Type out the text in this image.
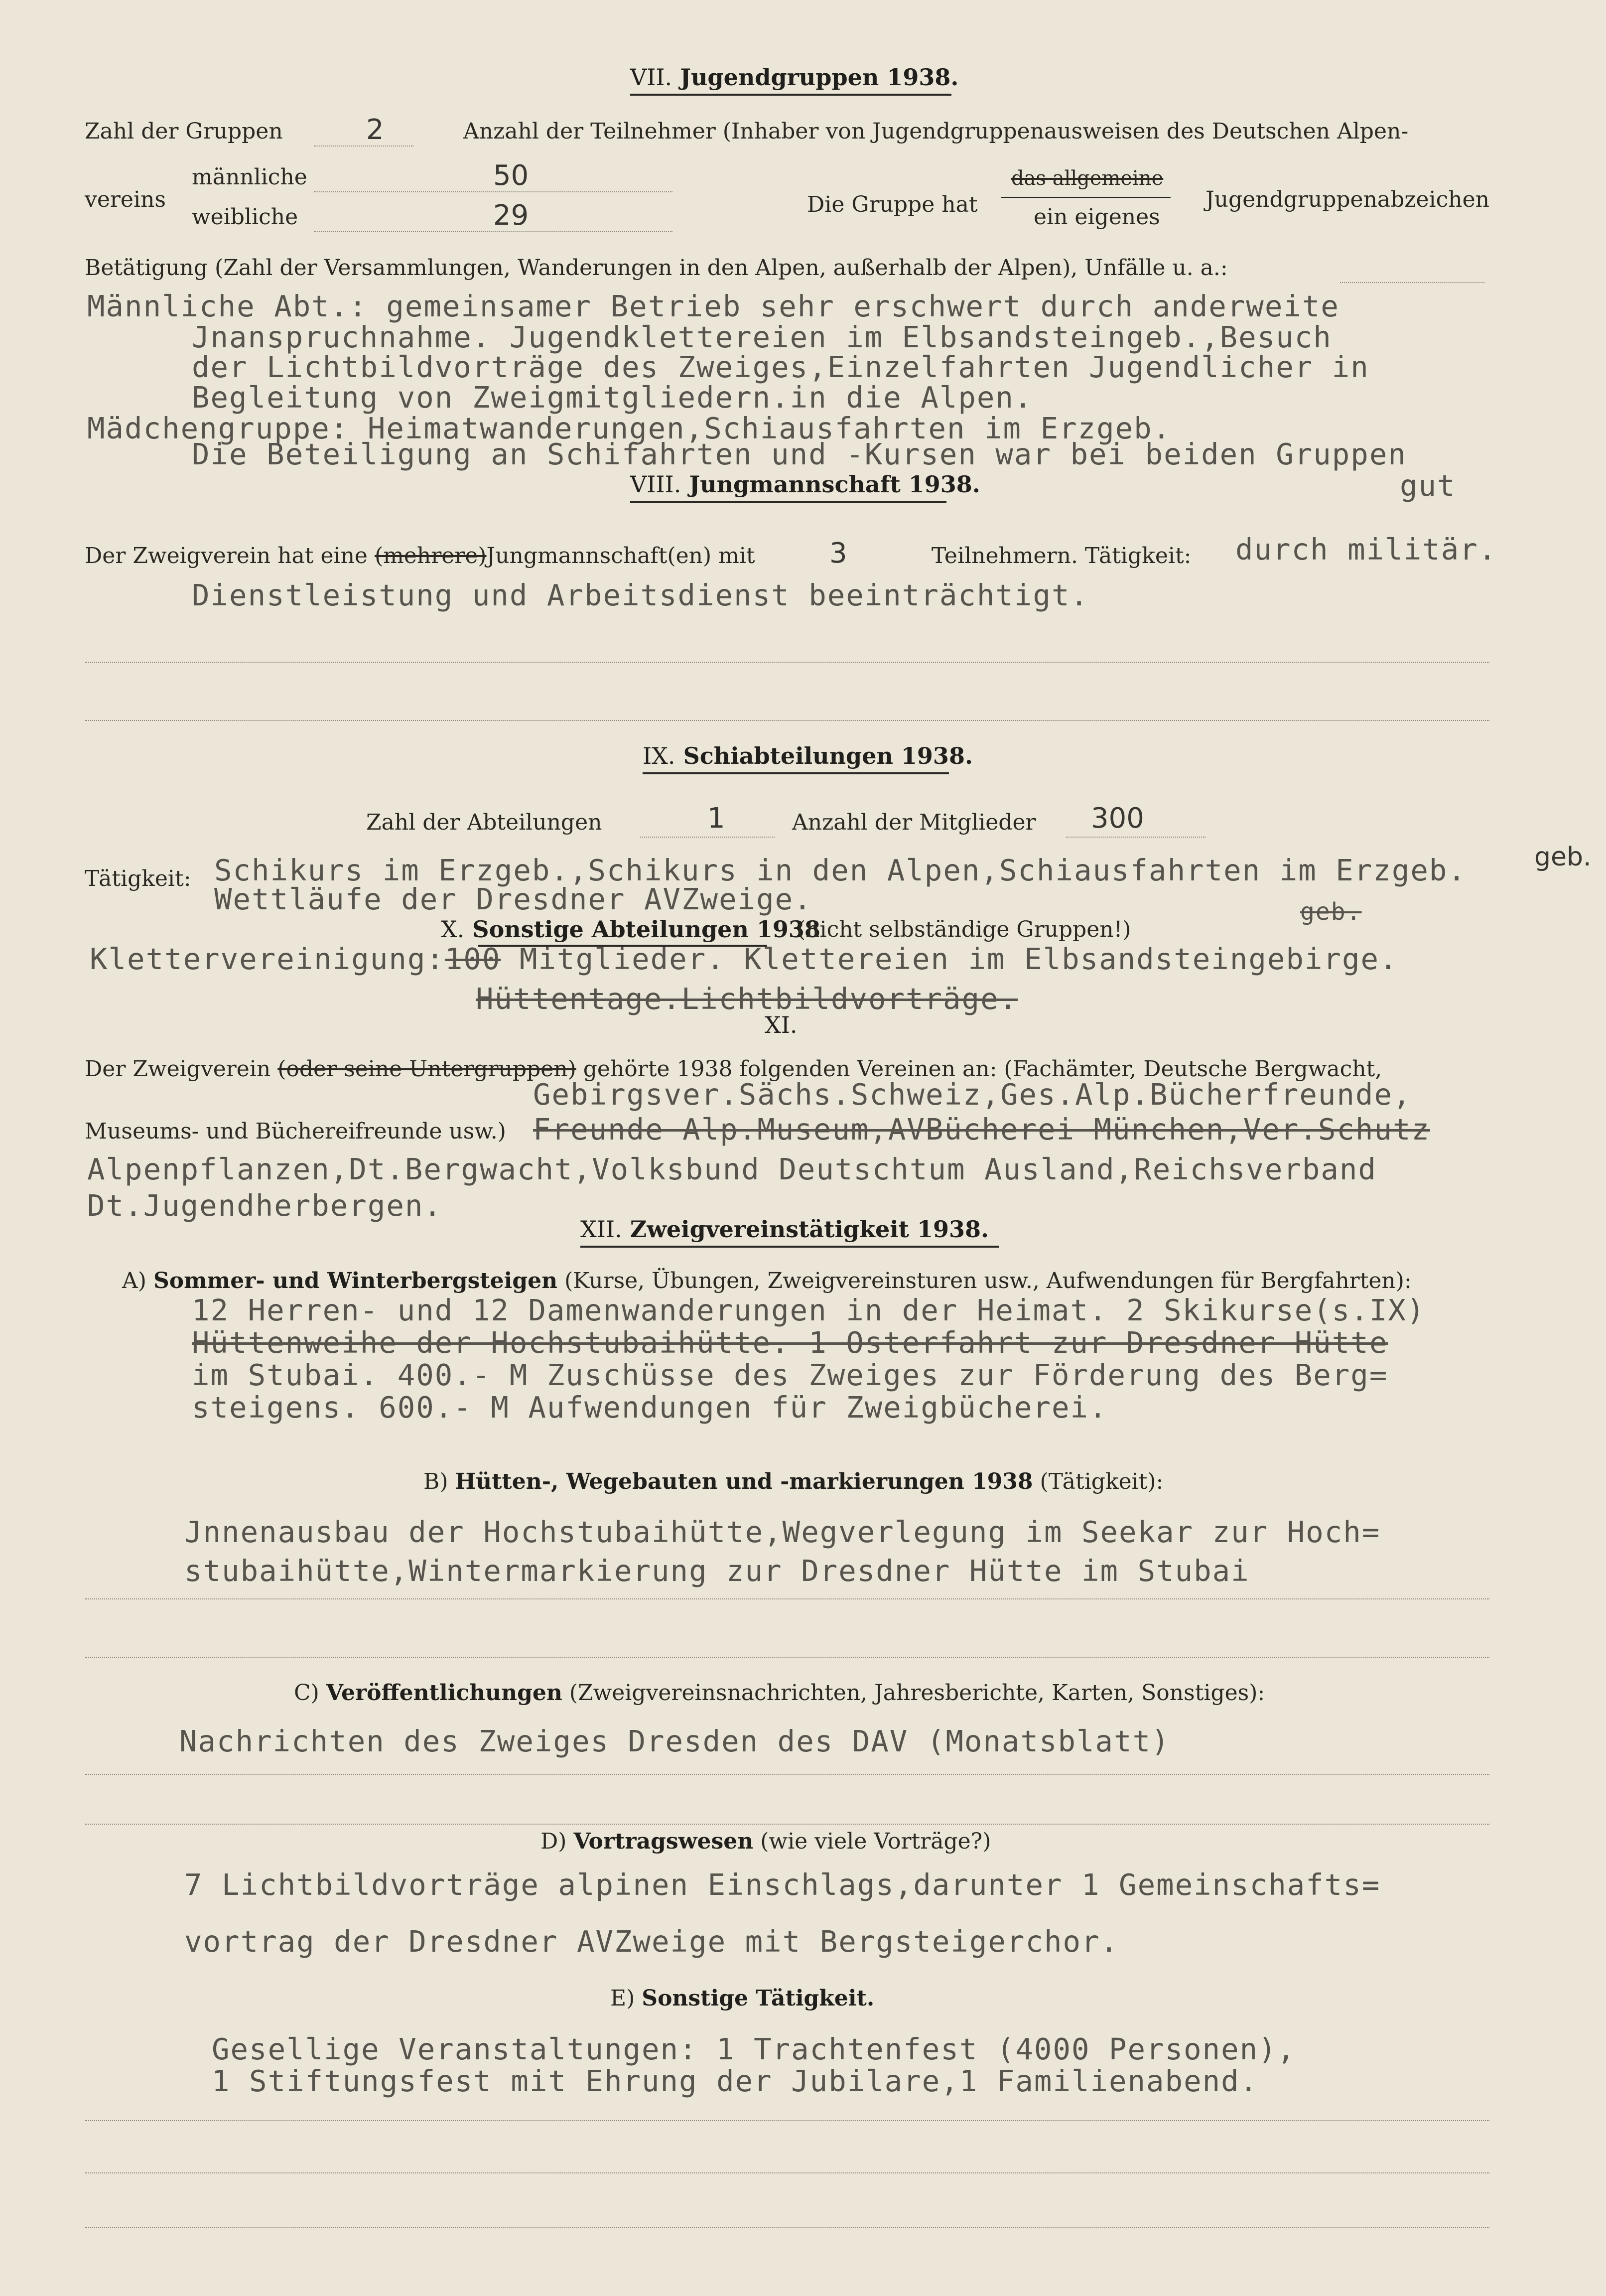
VII. Jugendgruppen 1938.
Zahl der Gruppen	2	Anzahl der Teilnehmer (Inhaber von Jugendgruppenausweisen des Deutschen Alpen-
vereins
männliche	50
weibliche	29	Die Gruppe hat
das allgemeine
ein eigenes
Jugendgruppenabzeichen
Betätigung (Zahl der Versammlungen, Wanderungen in den Alpen, außerhalb der Alpen), Unfälle u. a.:
Männliche Abt.: gemeinsamer Betrieb sehr erschwert durch anderweite
Jnanspruchnahme. Jugendklettereien im Elbsandsteingeb.,Besuch
der Lichtbildvorträge des Zweiges,Einzelfahrten Jugendlicher in
Begleitung von Zweigmitgliedern.in die Alpen.
Mädchengruppe: Heimatwanderungen,Schiausfahrten im Erzgeb.
Die Beteiligung an Schifahrten und -Kursen war bei beiden Gruppen
gut
VIII. Jungmannschaft 1938.
Der Zweigverein hat eine (mehrere)Jungmannschaft(en) mit	3	Teilnehmern. Tätigkeit: durch militär.
Dienstleistung und Arbeitsdienst beeinträchtigt.
IX. Schiabteilungen 1938.
Zahl der Abteilungen	1	Anzahl der Mitglieder 300
Tätigkeit: Schikurs im Erzgeb.,Schikurs in den Alpen,Schiausfahrten im Erzgeb.	geb.
Wettläufe der Dresdner AVZweige.	geb.
X. Sonstige Abteilungen 1938
(nicht selbständige Gruppen!)
Klettervereinigung:100 Mitglieder. Klettereien im Elbsandsteingebirge.
Hüttentage.Lichtbildvorträge.
XI.
Der Zweigverein (oder seine Untergruppen) gehörte 1938 folgenden Vereinen an: (Fachämter, Deutsche Bergwacht,
Gebirgsver.Sächs.Schweiz,Ges.Alp.Bücherfreunde,
Museums- und Büchereifreunde usw.) Freunde Alp.Museum,AVBücherei München,Ver.Schutz
Alpenpflanzen,Dt.Bergwacht,Volksbund Deutschtum Ausland,Reichsverband
Dt.Jugendherbergen.
XII. Zweigvereinstätigkeit 1938.
A) Sommer- und Winterbergsteigen (Kurse, Übungen, Zweigvereinsturen usw., Aufwendungen für Bergfahrten):
12 Herren- und 12 Damenwanderungen in der Heimat. 2 Skikurse(s.IX)
Hüttenweihe der Hochstubaihütte. 1 Osterfahrt zur Dresdner Hütte
im Stubai. 400.- M Zuschüsse des Zweiges zur Förderung des Berg=
steigens. 600.- M Aufwendungen für Zweigbücherei.
B) Hütten-, Wegebauten und -markierungen 1938 (Tätigkeit):
Jnnenausbau der Hochstubaihütte,Wegverlegung im Seekar zur Hoch=
stubaihütte,Wintermarkierung zur Dresdner Hütte im Stubai
C) Veröffentlichungen (Zweigvereinsnachrichten, Jahresberichte, Karten, Sonstiges):
Nachrichten des Zweiges Dresden des DAV (Monatsblatt)
D) Vortragswesen (wie viele Vorträge?)
7 Lichtbildvorträge alpinen Einschlags,darunter 1 Gemeinschafts=
vortrag der Dresdner AVZweige mit Bergsteigerchor.
E) Sonstige Tätigkeit.
Gesellige Veranstaltungen: 1 Trachtenfest (4000 Personen),
1 Stiftungsfest mit Ehrung der Jubilare,1 Familienabend.
